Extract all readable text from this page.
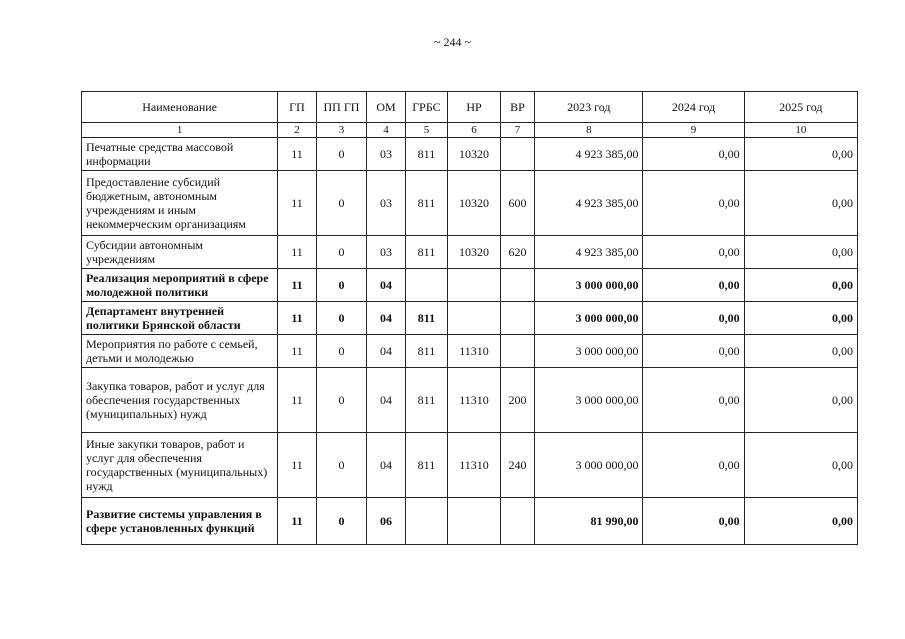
~ 244 ~
Наименование	ГП	ПП ГП	ОМ	ГРБС	НР	ВР	2023 год	2024 год	2025 год
1	2	3	4	5	6	7	8	9	10
Печатные средства массовой информации	11	0	03	811	10320		4 923 385,00	0,00	0,00
Предоставление субсидий бюджетным, автономным учреждениям и иным некоммерческим организациям	11	0	03	811	10320	600	4 923 385,00	0,00	0,00
Субсидии автономным учреждениям	11	0	03	811	10320	620	4 923 385,00	0,00	0,00
Реализация мероприятий в сфере молодежной политики	11	0	04				3 000 000,00	0,00	0,00
Департамент внутренней политики Брянской области	11	0	04	811			3 000 000,00	0,00	0,00
Мероприятия по работе с семьей, детьми и молодежью	11	0	04	811	11310		3 000 000,00	0,00	0,00
Закупка товаров, работ и услуг для обеспечения государственных (муниципальных) нужд	11	0	04	811	11310	200	3 000 000,00	0,00	0,00
Иные закупки товаров, работ и услуг для обеспечения государственных (муниципальных) нужд	11	0	04	811	11310	240	3 000 000,00	0,00	0,00
Развитие системы управления в сфере установленных функций	11	0	06				81 990,00	0,00	0,00
